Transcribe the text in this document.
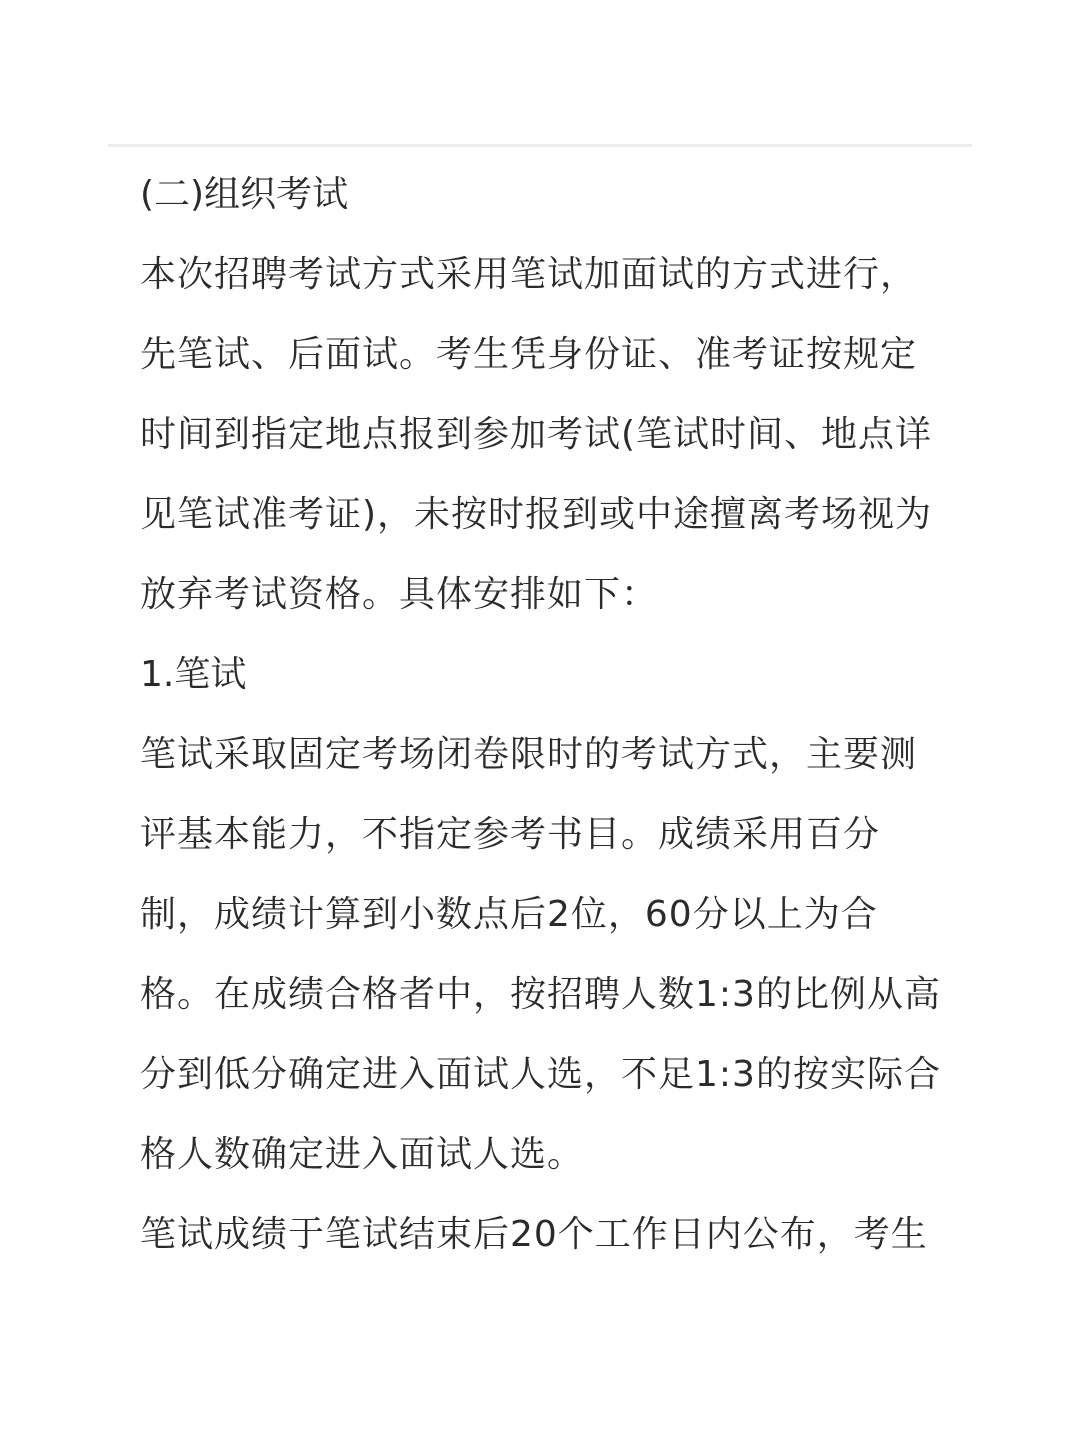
(二)组织考试
本次招聘考试方式采用笔试加面试的方式进行，
先笔试、后面试。考生凭身份证、准考证按规定
时间到指定地点报到参加考试(笔试时间、地点详
见笔试准考证)，未按时报到或中途擅离考场视为
放弃考试资格。具体安排如下：
1.笔试
笔试采取固定考场闭卷限时的考试方式，主要测
评基本能力，不指定参考书目。成绩采用百分
制，成绩计算到小数点后2位，60分以上为合
格。在成绩合格者中，按招聘人数1:3的比例从高
分到低分确定进入面试人选，不足1:3的按实际合
格人数确定进入面试人选。
笔试成绩于笔试结束后20个工作日内公布，考生
